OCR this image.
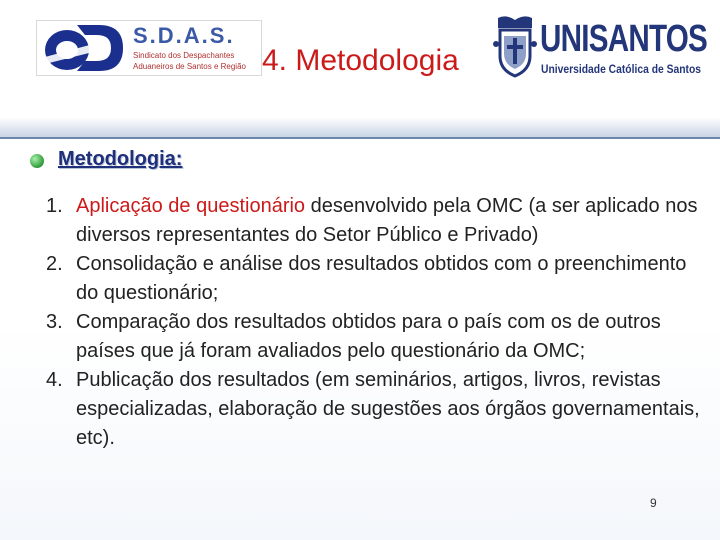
S.D.A.S.
Sindicato dos Despachantes
Aduaneiros de Santos e Região 4. Metodologia
UNISANTOS
Universidade Católica de Santos
Metodologia:
1. Aplicação de questionário desenvolvido pela OMC (a ser aplicado nos diversos representantes do Setor Público e Privado)
2. Consolidação e análise dos resultados obtidos com o preenchimento do questionário;
3. Comparação dos resultados obtidos para o país com os de outros países que já foram avaliados pelo questionário da OMC;
4. Publicação dos resultados (em seminários, artigos, livros, revistas especializadas, elaboração de sugestões aos órgãos governamentais, etc).
9
